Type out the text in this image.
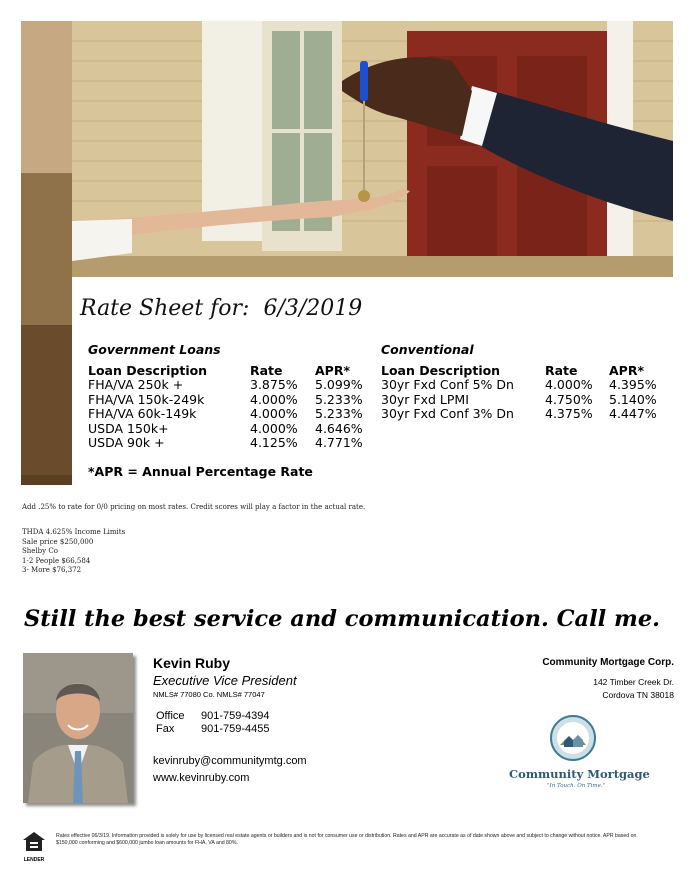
Rate Sheet for: 6/3/2019
Government Loans
Loan Description	Rate	APR*
FHA/VA 250k +	3.875% 5.099%
FHA/VA 150k-249k	4.000% 5.233%
FHA/VA 60k-149k	4.000% 5.233%
USDA 150k+	4.000% 4.646%
USDA 90k +	4.125% 4.771%
Conventional
Loan Description	Rate	APR*
30yr Fxd Conf 5% Dn 4.000% 4.395%
30yr Fxd LPMI	4.750% 5.140%
30yr Fxd Conf 3% Dn 4.375% 4.447%
*APR = Annual Percentage Rate
Add .25% to rate for 0/0 pricing on most rates. Credit scores will play a factor in the actual rate.
THDA 4.625% Income Limits
Sale price $250,000
Shelby Co
1-2 People $66,584
3- More $76,372
Still the best service and communication. Call me.
Kevin Ruby
Executive Vice President
NMLS# 77080 Co. NMLS# 77047
Office 901-759-4394
Fax 901-759-4455
kevinruby@communitymtg.com
www.kevinruby.com
Community Mortgage Corp.
142 Timber Creek Dr.
Cordova TN 38018
Community Mortgage
"In Touch. On Time."
LENDER
Rates effective 06/3/19. Information provided is solely for use by licensed real estate agents or builders and is not for consumer use or distribution. Rates and APR are accurate as of date shown above and subject to change without notice. APR based on $150,000 conforming and $600,000 jumbo loan amounts for FHA, VA and 80%.
